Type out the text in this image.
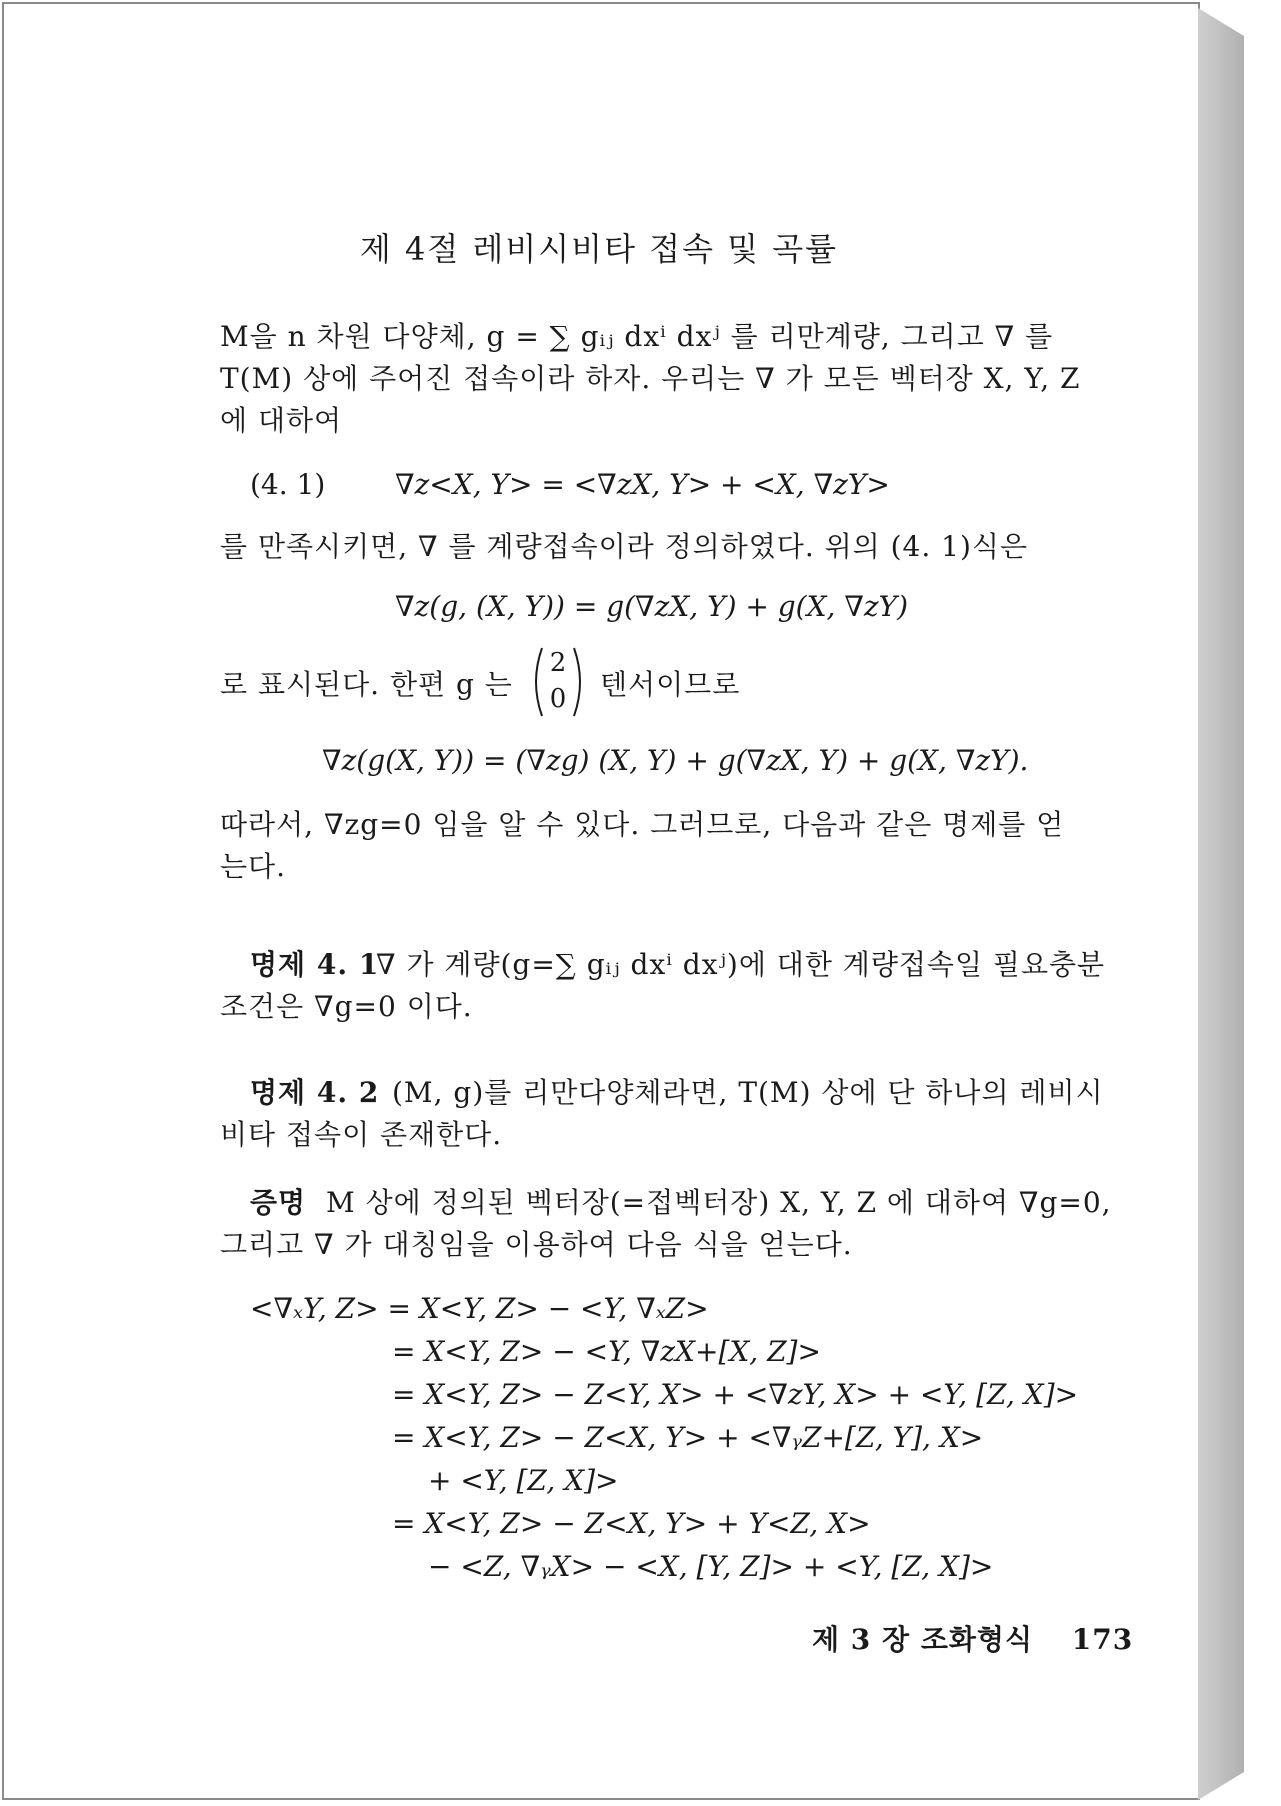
제 4절 레비시비타 접속 및 곡률
M을 n 차원 다양체, g = ∑ gᵢⱼ dxⁱ dxʲ 를 리만계량, 그리고 ∇ 를
T(M) 상에 주어진 접속이라 하자. 우리는 ∇ 가 모든 벡터장 X, Y, Z
에 대하여
(4. 1) ∇z<X, Y> = <∇zX, Y> + <X, ∇zY>
를 만족시키면, ∇ 를 계량접속이라 정의하였다. 위의 (4. 1)식은
∇z(g, (X, Y)) = g(∇zX, Y) + g(X, ∇zY)
로 표시된다. 한편 g 는
2
0	텐서이므로
∇z(g(X, Y)) = (∇zg) (X, Y) + g(∇zX, Y) + g(X, ∇zY).
따라서, ∇zg=0 임을 알 수 있다. 그러므로, 다음과 같은 명제를 얻
는다.
명제 4. 1
∇ 가 계량(g=∑ gᵢⱼ dxⁱ dxʲ)에 대한 계량접속일 필요충분
조건은 ∇g=0 이다.
명제 4. 2 (M, g)를 리만다양체라면, T(M) 상에 단 하나의 레비시
비타 접속이 존재한다.
증명 M 상에 정의된 벡터장(=접벡터장) X, Y, Z 에 대하여 ∇g=0,
그리고 ∇ 가 대칭임을 이용하여 다음 식을 얻는다.
<∇ₓY, Z> = X<Y, Z> − <Y, ∇ₓZ>
= X<Y, Z> − <Y, ∇zX+[X, Z]>
= X<Y, Z> − Z<Y, X> + <∇zY, X> + <Y, [Z, X]>
= X<Y, Z> − Z<X, Y> + <∇ᵧZ+[Z, Y], X>
+ <Y, [Z, X]>
= X<Y, Z> − Z<X, Y> + Y<Z, X>
− <Z, ∇ᵧX> − <X, [Y, Z]> + <Y, [Z, X]>
제 3 장 조화형식 173
